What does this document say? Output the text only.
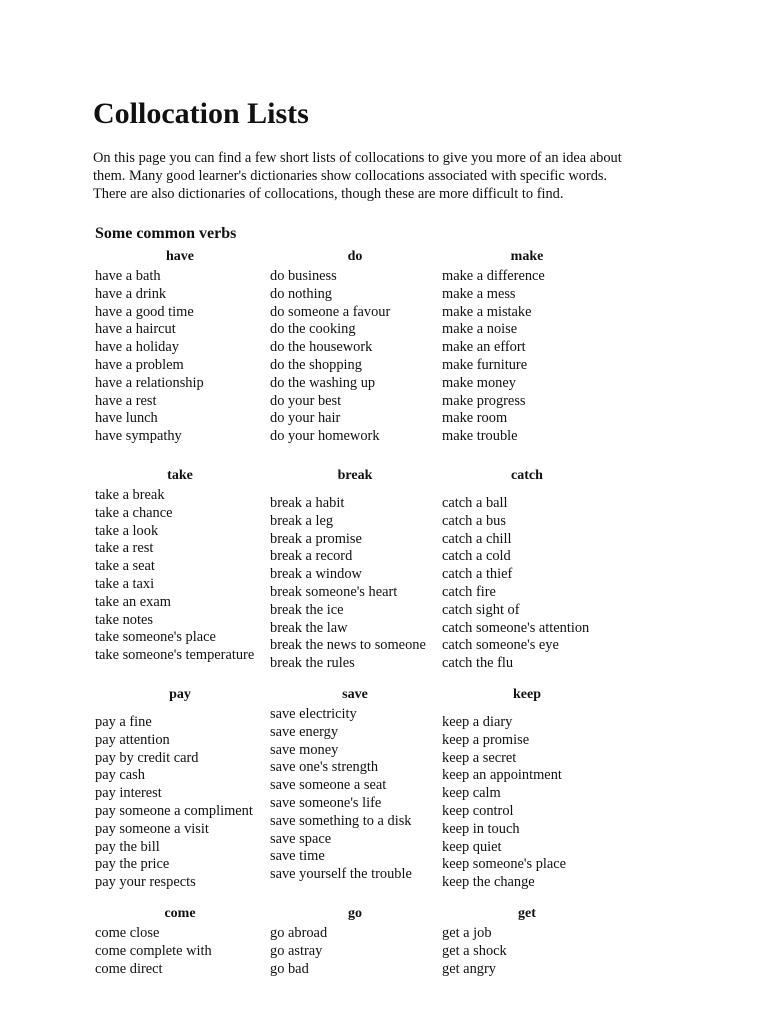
Collocation Lists
On this page you can find a few short lists of collocations to give you more of an idea about
them. Many good learner's dictionaries show collocations associated with specific words.
There are also dictionaries of collocations, though these are more difficult to find.
Some common verbs
have
have a bath
have a drink
have a good time
have a haircut
have a holiday
have a problem
have a relationship
have a rest
have lunch
have sympathy
do
do business
do nothing
do someone a favour
do the cooking
do the housework
do the shopping
do the washing up
do your best
do your hair
do your homework
make
make a difference
make a mess
make a mistake
make a noise
make an effort
make furniture
make money
make progress
make room
make trouble
take
take a break
take a chance
take a look
take a rest
take a seat
take a taxi
take an exam
take notes
take someone's place
take someone's temperature
break
break a habit
break a leg
break a promise
break a record
break a window
break someone's heart
break the ice
break the law
break the news to someone
break the rules
catch
catch a ball
catch a bus
catch a chill
catch a cold
catch a thief
catch fire
catch sight of
catch someone's attention
catch someone's eye
catch the flu
pay
pay a fine
pay attention
pay by credit card
pay cash
pay interest
pay someone a compliment
pay someone a visit
pay the bill
pay the price
pay your respects
save
save electricity
save energy
save money
save one's strength
save someone a seat
save someone's life
save something to a disk
save space
save time
save yourself the trouble
keep
keep a diary
keep a promise
keep a secret
keep an appointment
keep calm
keep control
keep in touch
keep quiet
keep someone's place
keep the change
come
come close
come complete with
come direct
go
go abroad
go astray
go bad
get
get a job
get a shock
get angry
